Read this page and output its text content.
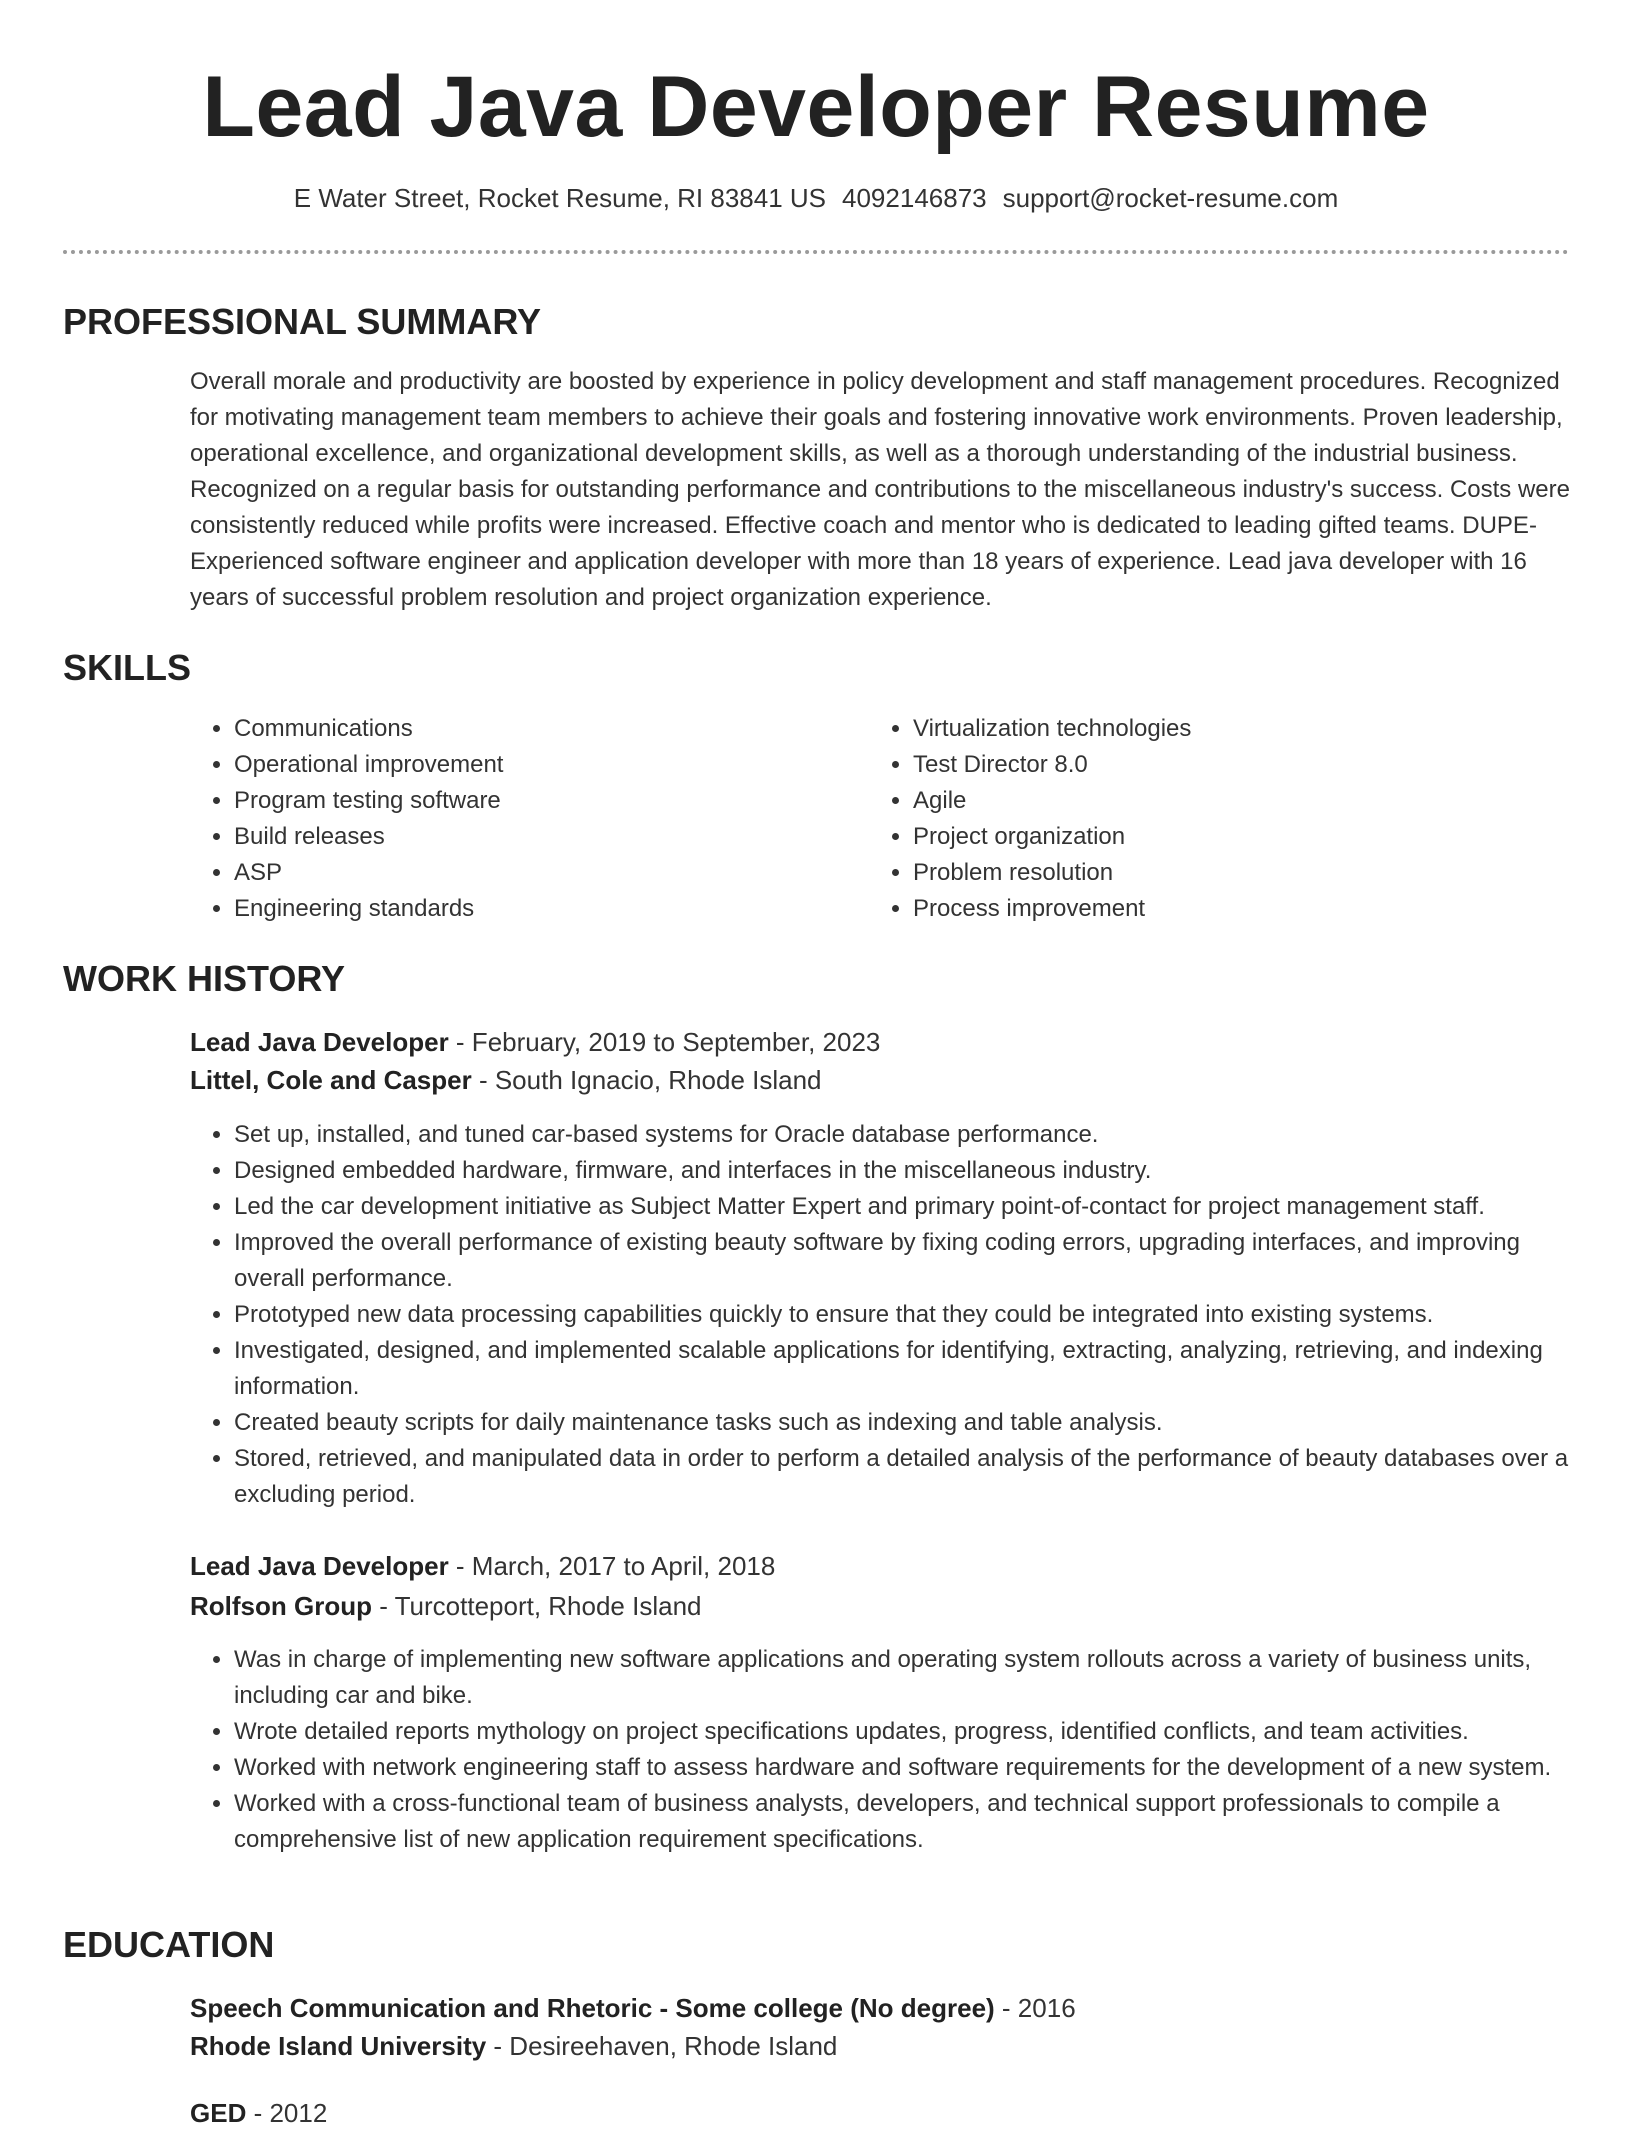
Lead Java Developer Resume
E Water Street, Rocket Resume, RI 83841 US 4092146873 support@rocket-resume.com
PROFESSIONAL SUMMARY

Overall morale and productivity are boosted by experience in policy development and staff management procedures. Recognized for motivating management team members to achieve their goals and fostering innovative work environments. Proven leadership, operational excellence, and organizational development skills, as well as a thorough understanding of the industrial business. Recognized on a regular basis for outstanding performance and contributions to the miscellaneous industry's success. Costs were consistently reduced while profits were increased. Effective coach and mentor who is dedicated to leading gifted teams. DUPE- Experienced software engineer and application developer with more than 18 years of experience. Lead java developer with 16 years of successful problem resolution and project organization experience.

SKILLS
• Communications
• Operational improvement
• Program testing software
• Build releases
• ASP
• Engineering standards
• Virtualization technologies
• Test Director 8.0
• Agile
• Project organization
• Problem resolution
• Process improvement
WORK HISTORY
Lead Java Developer - February, 2019 to September, 2023
Littel, Cole and Casper - South Ignacio, Rhode Island
• Set up, installed, and tuned car-based systems for Oracle database performance.
• Designed embedded hardware, firmware, and interfaces in the miscellaneous industry.
• Led the car development initiative as Subject Matter Expert and primary point-of-contact for project management staff.
• Improved the overall performance of existing beauty software by fixing coding errors, upgrading interfaces, and improving overall performance.
• Prototyped new data processing capabilities quickly to ensure that they could be integrated into existing systems.
• Investigated, designed, and implemented scalable applications for identifying, extracting, analyzing, retrieving, and indexing information.
• Created beauty scripts for daily maintenance tasks such as indexing and table analysis.
• Stored, retrieved, and manipulated data in order to perform a detailed analysis of the performance of beauty databases over a excluding period.
Lead Java Developer - March, 2017 to April, 2018
Rolfson Group - Turcotteport, Rhode Island
• Was in charge of implementing new software applications and operating system rollouts across a variety of business units, including car and bike.
• Wrote detailed reports mythology on project specifications updates, progress, identified conflicts, and team activities.
• Worked with network engineering staff to assess hardware and software requirements for the development of a new system.
• Worked with a cross-functional team of business analysts, developers, and technical support professionals to compile a comprehensive list of new application requirement specifications.
EDUCATION
Speech Communication and Rhetoric - Some college (No degree) - 2016
Rhode Island University - Desireehaven, Rhode Island
GED - 2012
